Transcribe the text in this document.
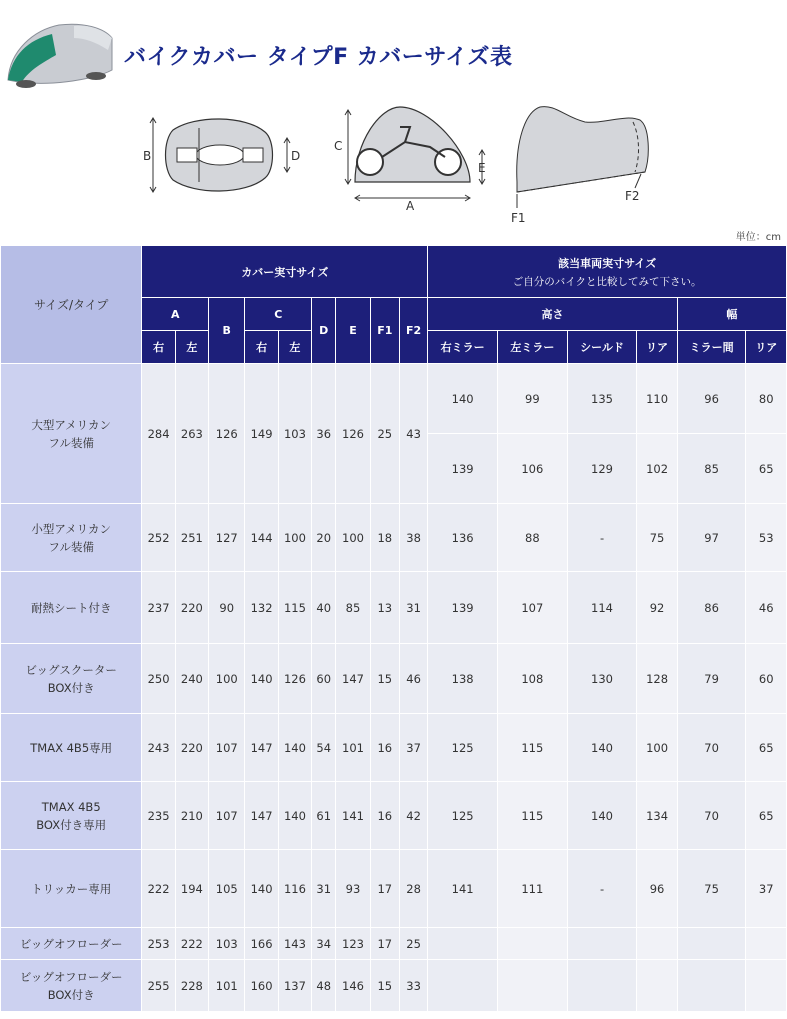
バイクカバー タイプF カバーサイズ表
B	D
C
E
A
F1
F2
単位：cm
サイズ/タイプ	カバー実寸サイズ									該当車両実寸サイズ
ご自分のバイクと比較してみて下さい。					

	A		B	C		D	E	F1	F2	高さ				幅	
	右	左		右	左					右ミラー	左ミラー	シールド	リア	ミラー間	リア
大型アメリカン
フル装備	284	263	126	149	103	36	126	25	43	140	99	135	110	96	80
										139	106	129	102	85	65
小型アメリカン
フル装備	252	251	127	144	100	20	100	18	38	136	88	-	75	97	53
耐熱シート付き	237	220	90	132	115	40	85	13	31	139	107	114	92	86	46
ビッグスクーター
BOX付き	250	240	100	140	126	60	147	15	46	138	108	130	128	79	60
TMAX 4B5専用	243	220	107	147	140	54	101	16	37	125	115	140	100	70	65
TMAX 4B5
BOX付き専用	235	210	107	147	140	61	141	16	42	125	115	140	134	70	65
トリッカー専用	222	194	105	140	116	31	93	17	28	141	111	-	96	75	37
ビッグオフローダー	253	222	103	166	143	34	123	17	25						
ビッグオフローダー
BOX付き	255	228	101	160	137	48	146	15	33						
